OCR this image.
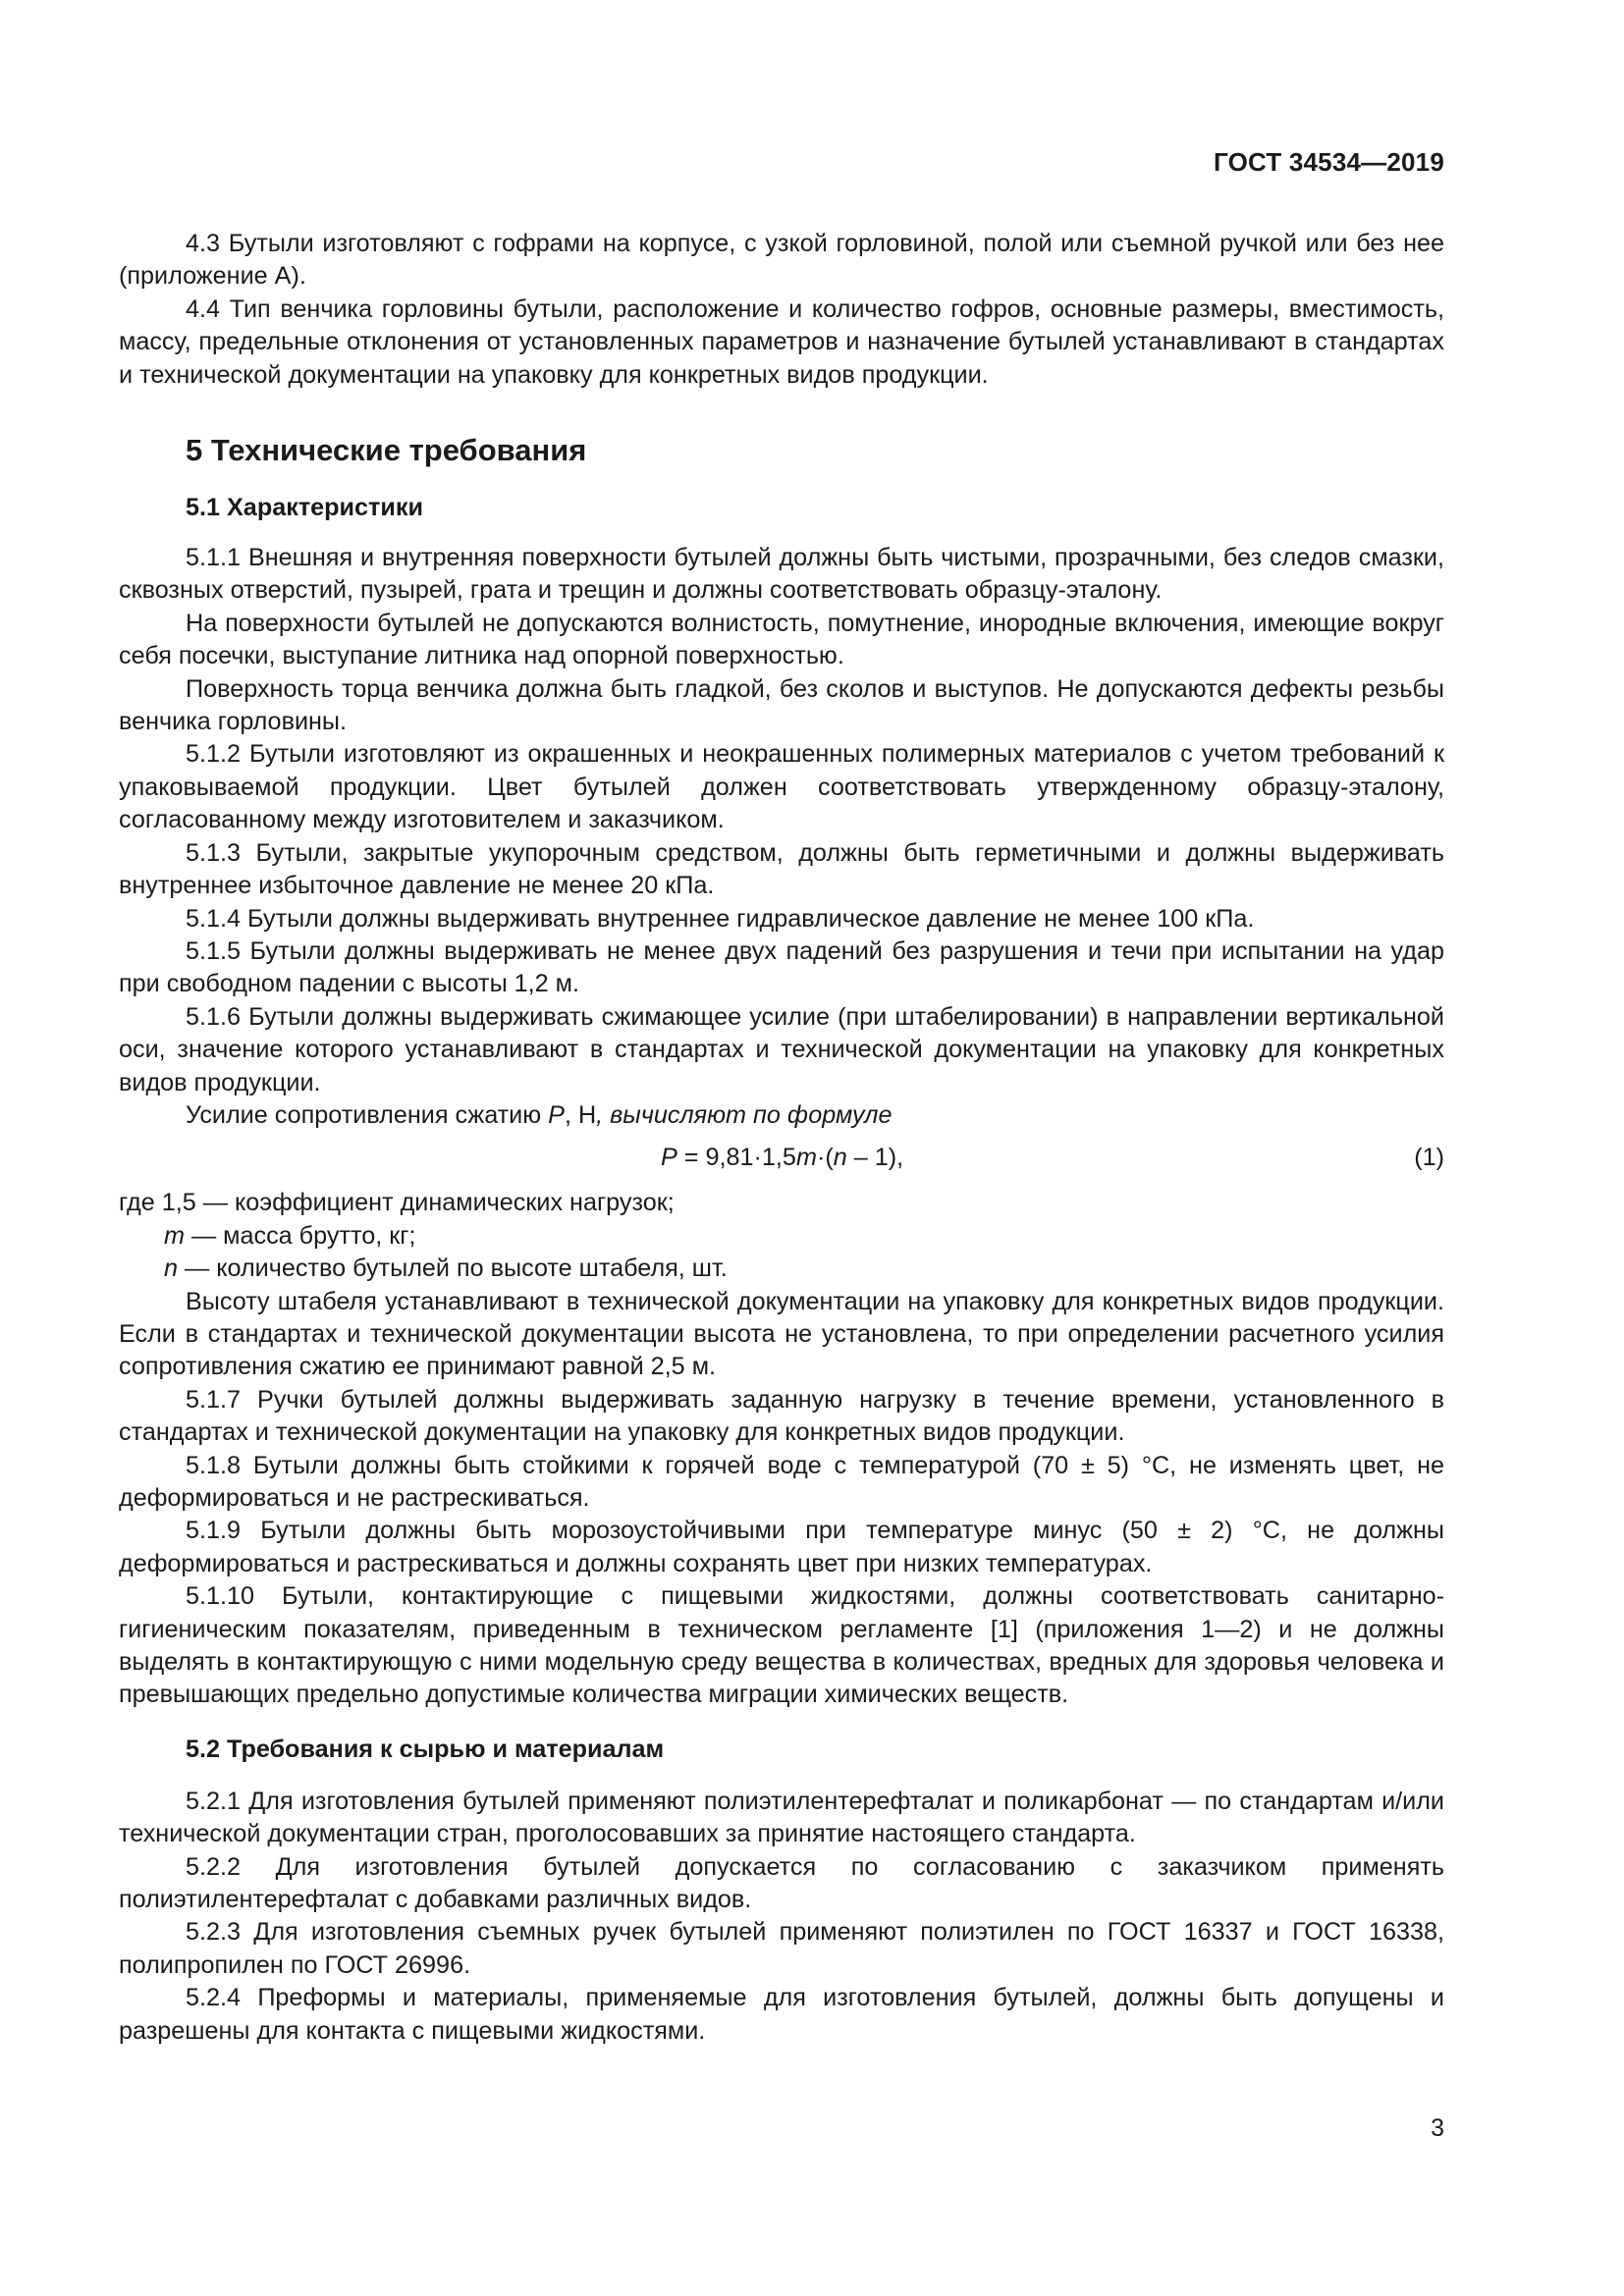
ГОСТ 34534—2019

4.3 Бутыли изготовляют с гофрами на корпусе, с узкой горловиной, полой или съемной ручкой или без нее (приложение А).

4.4 Тип венчика горловины бутыли, расположение и количество гофров, основные размеры, вместимость, массу, предельные отклонения от установленных параметров и назначение бутылей устанавливают в стандартах и технической документации на упаковку для конкретных видов продукции.

5 Технические требования
5.1 Характеристики

5.1.1 Внешняя и внутренняя поверхности бутылей должны быть чистыми, прозрачными, без следов смазки, сквозных отверстий, пузырей, грата и трещин и должны соответствовать образцу-эталону.

На поверхности бутылей не допускаются волнистость, помутнение, инородные включения, имеющие вокруг себя посечки, выступание литника над опорной поверхностью.

Поверхность торца венчика должна быть гладкой, без сколов и выступов. Не допускаются дефекты резьбы венчика горловины.

5.1.2 Бутыли изготовляют из окрашенных и неокрашенных полимерных материалов с учетом требований к упаковываемой продукции. Цвет бутылей должен соответствовать утвержденному образцу-эталону, согласованному между изготовителем и заказчиком.

5.1.3 Бутыли, закрытые укупорочным средством, должны быть герметичными и должны выдерживать внутреннее избыточное давление не менее 20 кПа.

5.1.4 Бутыли должны выдерживать внутреннее гидравлическое давление не менее 100 кПа.

5.1.5 Бутыли должны выдерживать не менее двух падений без разрушения и течи при испытании на удар при свободном падении с высоты 1,2 м.

5.1.6 Бутыли должны выдерживать сжимающее усилие (при штабелировании) в направлении вертикальной оси, значение которого устанавливают в стандартах и технической документации на упаковку для конкретных видов продукции.

Усилие сопротивления сжатию P, Н, вычисляют по формуле

P = 9,81·1,5m·(n – 1),	(1)

где 1,5 — коэффициент динамических нагрузок;

m — масса брутто, кг;

n — количество бутылей по высоте штабеля, шт.

Высоту штабеля устанавливают в технической документации на упаковку для конкретных видов продукции. Если в стандартах и технической документации высота не установлена, то при определении расчетного усилия сопротивления сжатию ее принимают равной 2,5 м.

5.1.7 Ручки бутылей должны выдерживать заданную нагрузку в течение времени, установленного в стандартах и технической документации на упаковку для конкретных видов продукции.

5.1.8 Бутыли должны быть стойкими к горячей воде с температурой (70 ± 5) °С, не изменять цвет, не деформироваться и не растрескиваться.

5.1.9 Бутыли должны быть морозоустойчивыми при температуре минус (50 ± 2) °С, не должны деформироваться и растрескиваться и должны сохранять цвет при низких температурах.

5.1.10 Бутыли, контактирующие с пищевыми жидкостями, должны соответствовать санитарно-гигиеническим показателям, приведенным в техническом регламенте [1] (приложения 1—2) и не должны выделять в контактирующую с ними модельную среду вещества в количествах, вредных для здоровья человека и превышающих предельно допустимые количества миграции химических веществ.

5.2 Требования к сырью и материалам

5.2.1 Для изготовления бутылей применяют полиэтилентерефталат и поликарбонат — по стандартам и/или технической документации стран, проголосовавших за принятие настоящего стандарта.

5.2.2 Для изготовления бутылей допускается по согласованию с заказчиком применять полиэтилентерефталат с добавками различных видов.

5.2.3 Для изготовления съемных ручек бутылей применяют полиэтилен по ГОСТ 16337 и ГОСТ 16338, полипропилен по ГОСТ 26996.

5.2.4 Преформы и материалы, применяемые для изготовления бутылей, должны быть допущены и разрешены для контакта с пищевыми жидкостями.

3
